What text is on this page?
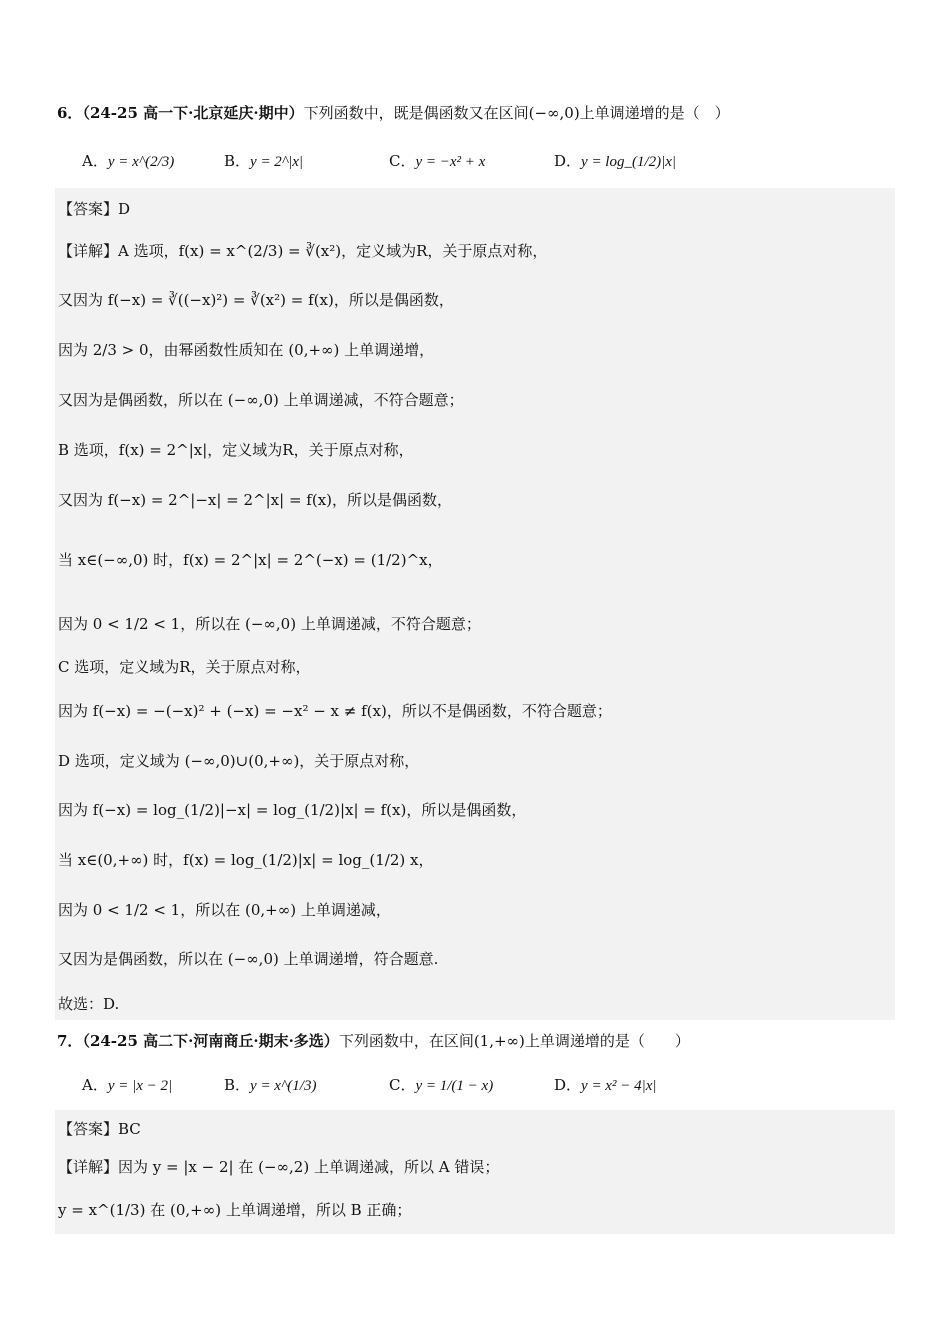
6．（24-25 高一下·北京延庆·期中）下列函数中，既是偶函数又在区间(−∞,0)上单调递增的是（　）
A．y = x^(2/3)	B．y = 2^|x|	C．y = −x² + x	D．y = log_(1/2)|x|
【答案】D
【详解】A 选项，f(x) = x^(2/3) = ∛(x²)，定义域为R，关于原点对称，
又因为 f(−x) = ∛((−x)²) = ∛(x²) = f(x)，所以是偶函数，
因为 2/3 > 0，由幂函数性质知在 (0,+∞) 上单调递增，
又因为是偶函数，所以在 (−∞,0) 上单调递减，不符合题意；
B 选项，f(x) = 2^|x|，定义域为R，关于原点对称，
又因为 f(−x) = 2^|−x| = 2^|x| = f(x)，所以是偶函数，
当 x∈(−∞,0) 时，f(x) = 2^|x| = 2^(−x) = (1/2)^x，
因为 0 < 1/2 < 1，所以在 (−∞,0) 上单调递减，不符合题意；
C 选项，定义域为R，关于原点对称，
因为 f(−x) = −(−x)² + (−x) = −x² − x ≠ f(x)，所以不是偶函数，不符合题意；
D 选项，定义域为 (−∞,0)∪(0,+∞)，关于原点对称，
因为 f(−x) = log_(1/2)|−x| = log_(1/2)|x| = f(x)，所以是偶函数，
当 x∈(0,+∞) 时，f(x) = log_(1/2)|x| = log_(1/2) x，
因为 0 < 1/2 < 1，所以在 (0,+∞) 上单调递减，
又因为是偶函数，所以在 (−∞,0) 上单调递增，符合题意.
故选：D.
7．（24-25 高二下·河南商丘·期末·多选）下列函数中，在区间(1,+∞)上单调递增的是（　　）
A．y = |x − 2|	B．y = x^(1/3)	C．y = 1/(1 − x)	D．y = x² − 4|x|
【答案】BC
【详解】因为 y = |x − 2| 在 (−∞,2) 上单调递减，所以 A 错误；
y = x^(1/3) 在 (0,+∞) 上单调递增，所以 B 正确；
